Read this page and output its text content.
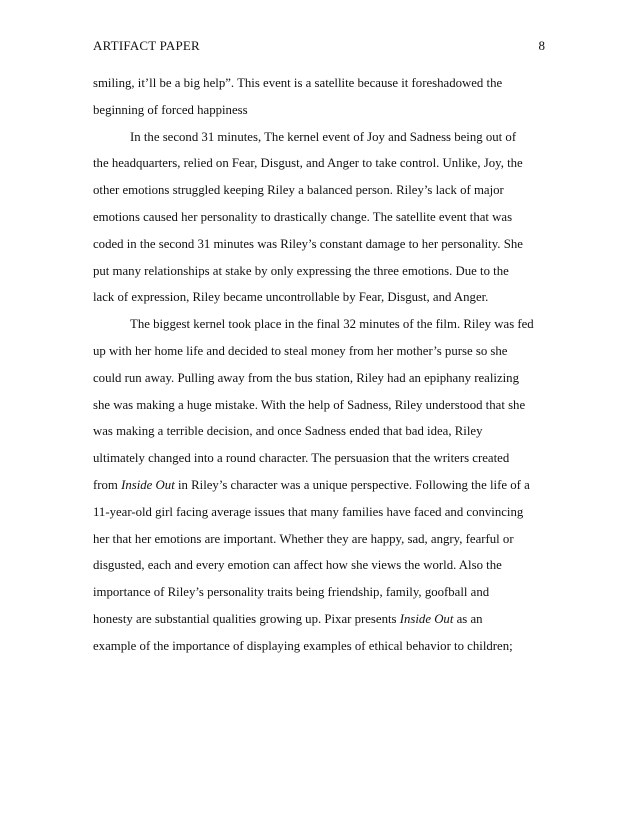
ARTIFACT PAPER	8
smiling, it’ll be a big help”. This event is a satellite because it foreshadowed the
beginning of forced happiness
In the second 31 minutes, The kernel event of Joy and Sadness being out of
the headquarters, relied on Fear, Disgust, and Anger to take control. Unlike, Joy, the
other emotions struggled keeping Riley a balanced person. Riley’s lack of major
emotions caused her personality to drastically change. The satellite event that was
coded in the second 31 minutes was Riley’s constant damage to her personality. She
put many relationships at stake by only expressing the three emotions. Due to the
lack of expression, Riley became uncontrollable by Fear, Disgust, and Anger.
The biggest kernel took place in the final 32 minutes of the film. Riley was fed
up with her home life and decided to steal money from her mother’s purse so she
could run away. Pulling away from the bus station, Riley had an epiphany realizing
she was making a huge mistake. With the help of Sadness, Riley understood that she
was making a terrible decision, and once Sadness ended that bad idea, Riley
ultimately changed into a round character. The persuasion that the writers created
from Inside Out in Riley’s character was a unique perspective. Following the life of a
11-year-old girl facing average issues that many families have faced and convincing
her that her emotions are important. Whether they are happy, sad, angry, fearful or
disgusted, each and every emotion can affect how she views the world. Also the
importance of Riley’s personality traits being friendship, family, goofball and
honesty are substantial qualities growing up. Pixar presents Inside Out as an
example of the importance of displaying examples of ethical behavior to children;
